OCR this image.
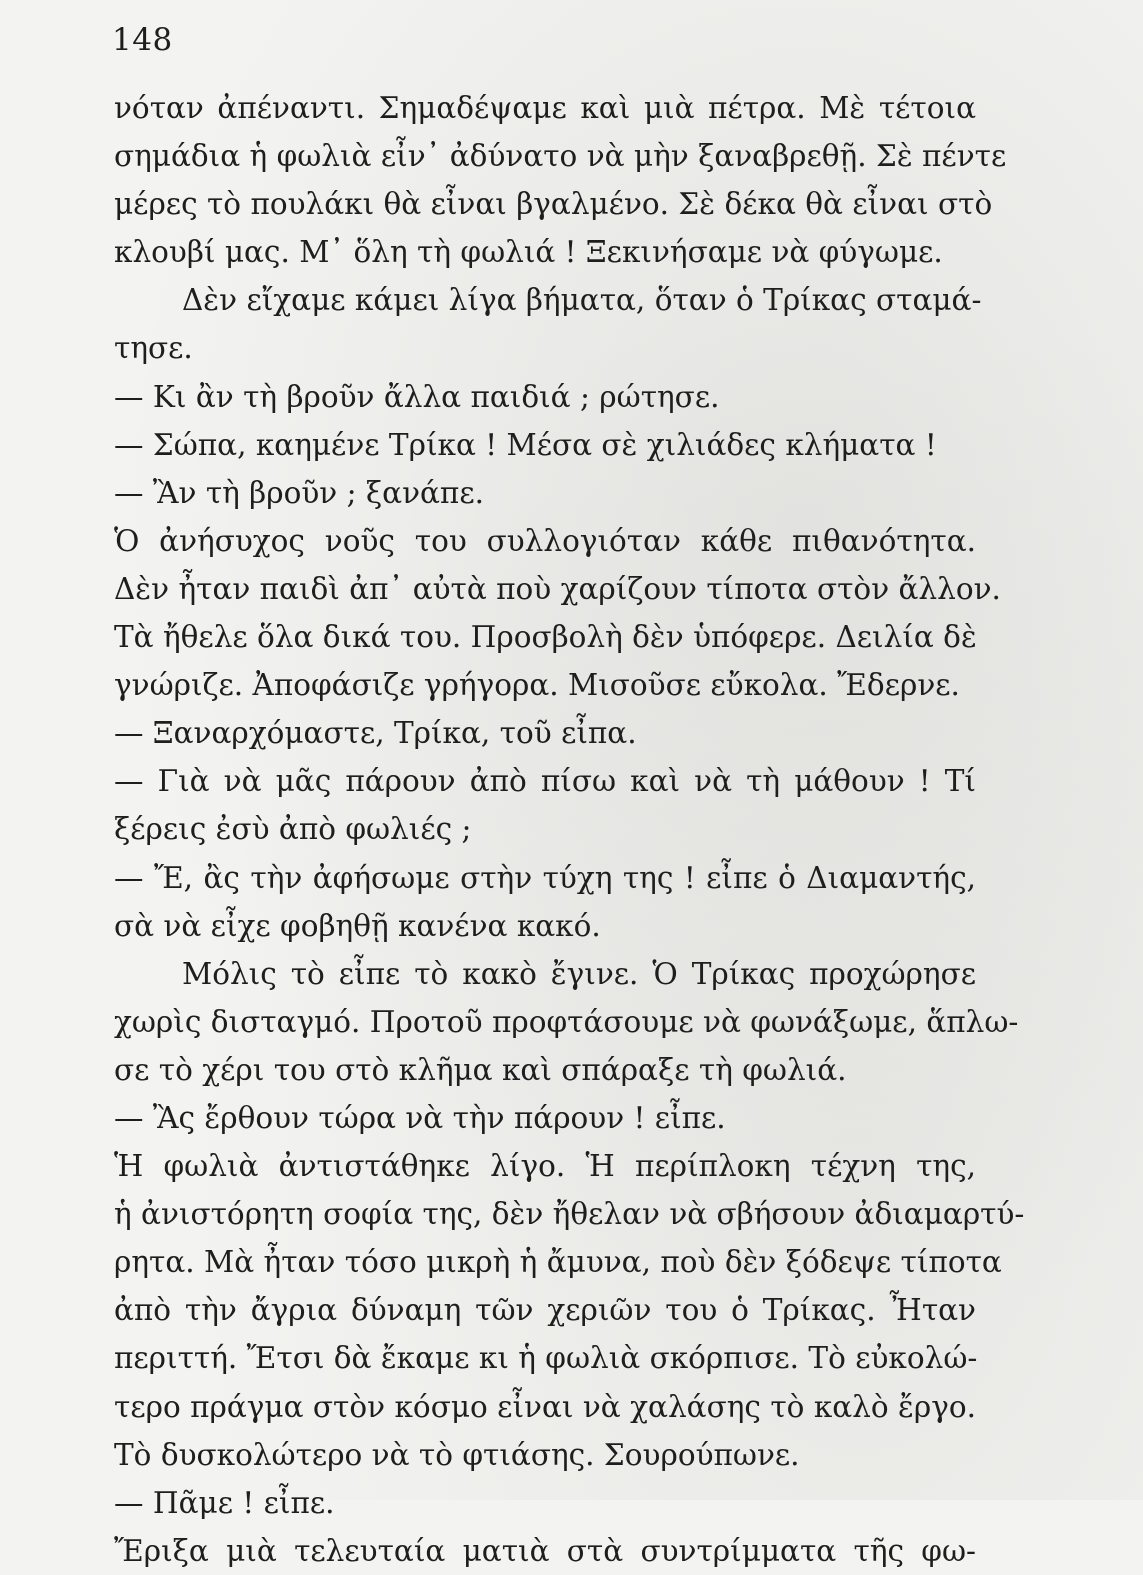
148
νόταν ἀπέναντι. Σημαδέψαμε καὶ μιὰ πέτρα. Μὲ τέτοια
σημάδια ἡ φωλιὰ εἶν᾽ ἀδύνατο νὰ μὴν ξαναβρεθῇ. Σὲ πέντε
μέρες τὸ πουλάκι θὰ εἶναι βγαλμένο. Σὲ δέκα θὰ εἶναι στὸ
κλουβί μας. Μ᾽ ὅλη τὴ φωλιά ! Ξεκινήσαμε νὰ φύγωμε.
Δὲν εἴχαμε κάμει λίγα βήματα, ὅταν ὁ Τρίκας σταμά-
τησε.
— Κι ἂν τὴ βροῦν ἄλλα παιδιά ; ρώτησε.
— Σώπα, καημένε Τρίκα ! Μέσα σὲ χιλιάδες κλήματα !
— Ἂν τὴ βροῦν ; ξανάπε.
Ὁ ἀνήσυχος νοῦς του συλλογιόταν κάθε πιθανότητα.
Δὲν ἦταν παιδὶ ἀπ᾽ αὐτὰ ποὺ χαρίζουν τίποτα στὸν ἄλλον.
Τὰ ἤθελε ὅλα δικά του. Προσβολὴ δὲν ὑπόφερε. Δειλία δὲ
γνώριζε. Ἀποφάσιζε γρήγορα. Μισοῦσε εὔκολα. Ἔδερνε.
— Ξαναρχόμαστε, Τρίκα, τοῦ εἶπα.
— Γιὰ νὰ μᾶς πάρουν ἀπὸ πίσω καὶ νὰ τὴ μάθουν ! Τί
ξέρεις ἐσὺ ἀπὸ φωλιές ;
— Ἔ, ἂς τὴν ἀφήσωμε στὴν τύχη της ! εἶπε ὁ Διαμαντής,
σὰ νὰ εἶχε φοβηθῇ κανένα κακό.
Μόλις τὸ εἶπε τὸ κακὸ ἔγινε. Ὁ Τρίκας προχώρησε
χωρὶς δισταγμό. Προτοῦ προφτάσουμε νὰ φωνάξωμε, ἅπλω-
σε τὸ χέρι του στὸ κλῆμα καὶ σπάραξε τὴ φωλιά.
— Ἂς ἔρθουν τώρα νὰ τὴν πάρουν ! εἶπε.
Ἡ φωλιὰ ἀντιστάθηκε λίγο. Ἡ περίπλοκη τέχνη της,
ἡ ἀνιστόρητη σοφία της, δὲν ἤθελαν νὰ σβήσουν ἀδιαμαρτύ-
ρητα. Μὰ ἦταν τόσο μικρὴ ἡ ἄμυνα, ποὺ δὲν ξόδεψε τίποτα
ἀπὸ τὴν ἄγρια δύναμη τῶν χεριῶν του ὁ Τρίκας. Ἦταν
περιττή. Ἔτσι δὰ ἔκαμε κι ἡ φωλιὰ σκόρπισε. Τὸ εὐκολώ-
τερο πράγμα στὸν κόσμο εἶναι νὰ χαλάσης τὸ καλὸ ἔργο.
Τὸ δυσκολώτερο νὰ τὸ φτιάσης. Σουρούπωνε.
— Πᾶμε ! εἶπε.
Ἔριξα μιὰ τελευταία ματιὰ στὰ συντρίμματα τῆς φω-
